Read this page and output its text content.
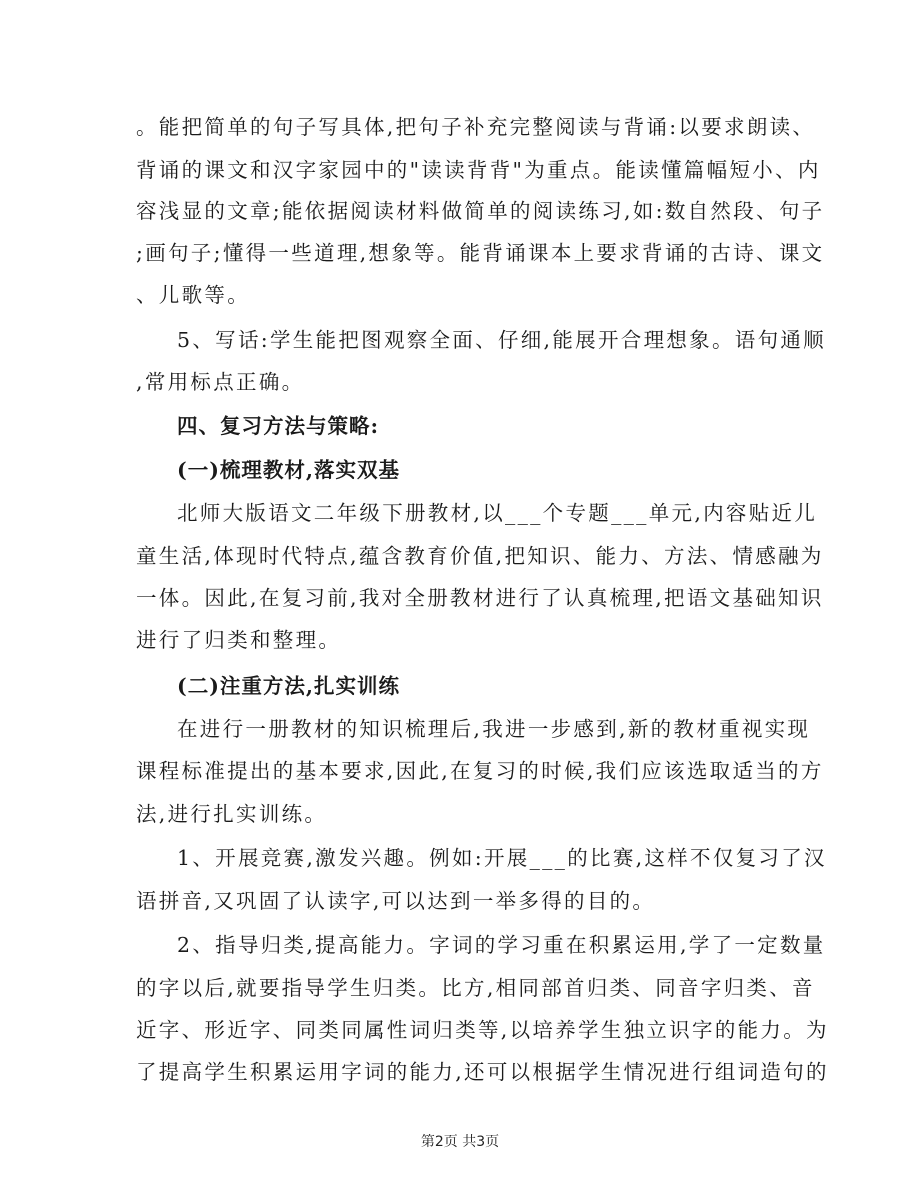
。能把简单的句子写具体,把句子补充完整阅读与背诵:以要求朗读、
背诵的课文和汉字家园中的"读读背背"为重点。能读懂篇幅短小、内
容浅显的文章;能依据阅读材料做简单的阅读练习,如:数自然段、句子
;画句子;懂得一些道理,想象等。能背诵课本上要求背诵的古诗、课文
、儿歌等。
5、写话:学生能把图观察全面、仔细,能展开合理想象。语句通顺
,常用标点正确。
四、复习方法与策略:
(一)梳理教材,落实双基
北师大版语文二年级下册教材,以___个专题___单元,内容贴近儿
童生活,体现时代特点,蕴含教育价值,把知识、能力、方法、情感融为
一体。因此,在复习前,我对全册教材进行了认真梳理,把语文基础知识
进行了归类和整理。
(二)注重方法,扎实训练
在进行一册教材的知识梳理后,我进一步感到,新的教材重视实现
课程标准提出的基本要求,因此,在复习的时候,我们应该选取适当的方
法,进行扎实训练。
1、开展竞赛,激发兴趣。例如:开展___的比赛,这样不仅复习了汉
语拼音,又巩固了认读字,可以达到一举多得的目的。
2、指导归类,提高能力。字词的学习重在积累运用,学了一定数量
的字以后,就要指导学生归类。比方,相同部首归类、同音字归类、音
近字、形近字、同类同属性词归类等,以培养学生独立识字的能力。为
了提高学生积累运用字词的能力,还可以根据学生情况进行组词造句的
第2页 共3页
